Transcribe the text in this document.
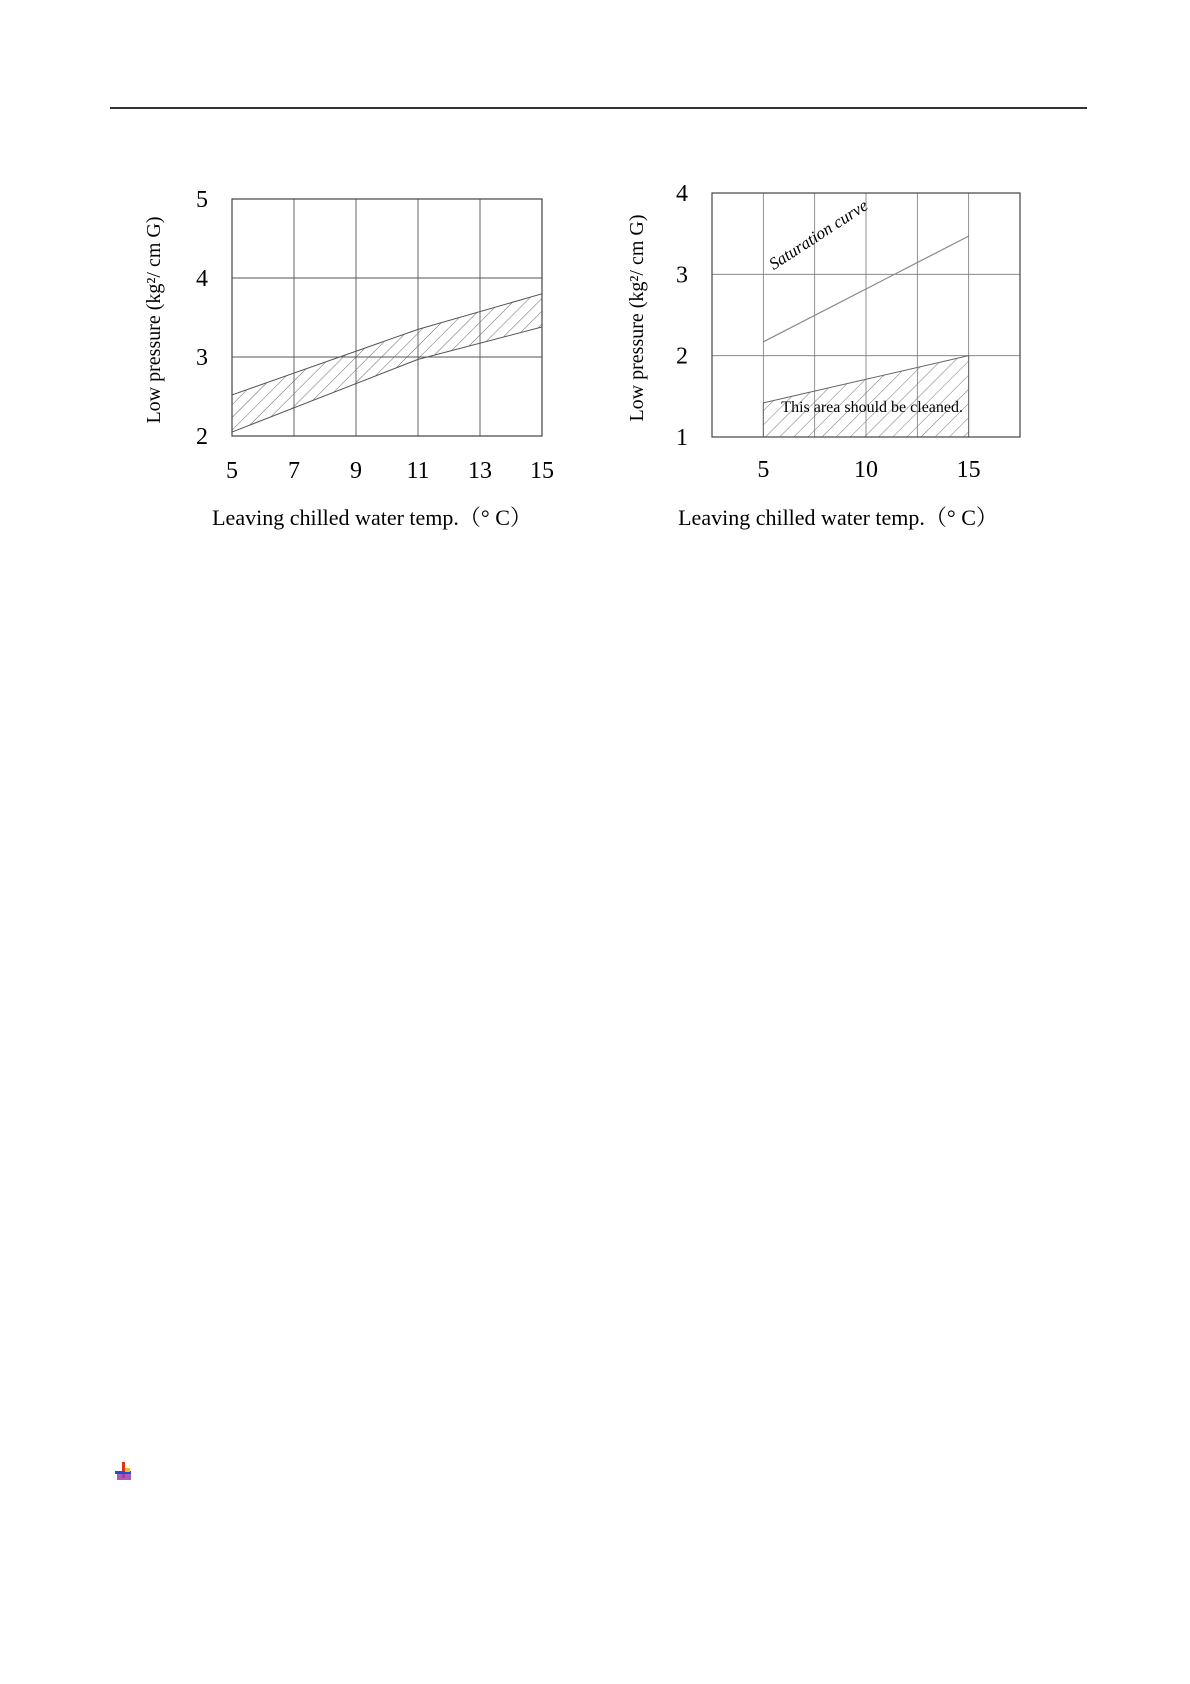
5 7 9 11 13 15
2
3
4
5
Leaving chilled water temp.（° C）
Low pressure (kg²/ cm G)	Saturation curve
This area should be cleaned.
5	10	15
1
2
3
4
Leaving chilled water temp.（° C）
Low pressure (kg²/ cm G)
